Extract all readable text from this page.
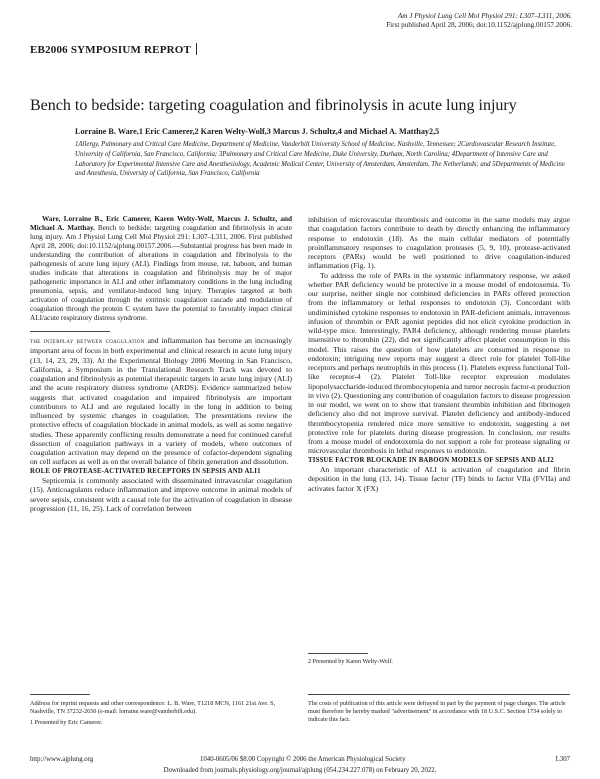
Am J Physiol Lung Cell Mol Physiol 291: L307–L311, 2006.
First published April 28, 2006; doi:10.1152/ajplung.00157.2006.
EB2006 SYMPOSIUM REPROT
Bench to bedside: targeting coagulation and fibrinolysis in acute lung injury
Lorraine B. Ware,1 Eric Camerer,2 Karen Welty-Wolf,3 Marcus J. Schultz,4 and Michael A. Matthay2,5
1Allergy, Pulmonary and Critical Care Medicine, Department of Medicine, Vanderbilt University School of Medicine, Nashville, Tennessee; 2Cardiovascular Research Institute, University of California, San Francisco, California; 3Pulmonary and Critical Care Medicine, Duke University, Durham, North Carolina; 4Department of Intensive Care and Laboratory for Experimental Intensive Care and Anesthesiology, Academic Medical Center, University of Amsterdam, Amsterdam, The Netherlands; and 5Departments of Medicine and Anesthesia, University of California, San Francisco, California

Ware, Lorraine B., Eric Camerer, Karen Welty-Wolf, Marcus J. Schultz, and Michael A. Matthay. Bench to bedside: targeting coagulation and fibrinolysis in acute lung injury. Am J Physiol Lung Cell Mol Physiol 291: L307–L311, 2006. First published April 28, 2006; doi:10.1152/ajplung.00157.2006.—Substantial progress has been made in understanding the contribution of alterations in coagulation and fibrinolysis to the pathogenesis of acute lung injury (ALI). Findings from mouse, rat, baboon, and human studies indicate that alterations in coagulation and fibrinolysis may be of major pathogenetic importance in ALI and other inflammatory conditions in the lung including pneumonia, sepsis, and ventilator-induced lung injury. Therapies targeted at both activation of coagulation through the extrinsic coagulation cascade and modulation of coagulation through the protein C system have the potential to favorably impact clinical ALI/acute respiratory distress syndrome.

the interplay between coagulation and inflammation has become an increasingly important area of focus in both experimental and clinical research in acute lung injury (13, 14, 23, 29, 33). At the Experimental Biology 2006 Meeting in San Francisco, California, a Symposium in the Translational Research Track was devoted to coagulation and fibrinolysis as potential therapeutic targets in acute lung injury (ALI) and the acute respiratory distress syndrome (ARDS). Evidence summarized below suggests that activated coagulation and impaired fibrinolysis are important contributors to ALI and are regulated locally in the lung in addition to being influenced by systemic changes in coagulation. The presentations review the protective effects of coagulation blockade in animal models, as well as some negative studies. These apparently conflicting results demonstrate a need for continued careful dissection of coagulation pathways in a variety of models, where outcomes of coagulation activation may depend on the presence of cofactor-dependent signaling on cell surfaces as well as on the overall balance of fibrin generation and dissolution.

ROLE OF PROTEASE-ACTIVATED RECEPTORS IN SEPSIS AND ALI1

Septicemia is commonly associated with disseminated intravascular coagulation (15). Anticoagulants reduce inflammation and improve outcome in animal models of severe sepsis, consistent with a causal role for the activation of coagulation in disease progression (11, 16, 25). Lack of correlation between

inhibition of microvascular thrombosis and outcome in the same models may argue that coagulation factors contribute to death by directly enhancing the inflammatory response to endotoxin (18). As the main cellular mediators of potentially proinflammatory responses to coagulation proteases (5, 9, 10), protease-activated receptors (PARs) would be well positioned to drive coagulation-induced inflammation (Fig. 1).

To address the role of PARs in the systemic inflammatory response, we asked whether PAR deficiency would be protective in a mouse model of endotoxemia. To our surprise, neither single nor combined deficiencies in PARs offered protection from the inflammatory or lethal responses to endotoxin (3). Concordant with undiminished cytokine responses to endotoxin in PAR-deficient animals, intravenous infusion of thrombin or PAR agonist peptides did not elicit cytokine production in wild-type mice. Interestingly, PAR4 deficiency, although rendering mouse platelets insensitive to thrombin (22), did not significantly affect platelet consumption in this model. This raises the question of how platelets are consumed in response to endotoxin; intriguing new reports may suggest a direct role for platelet Toll-like receptors and perhaps neutrophils in this process (1). Platelets express functional Toll-like receptor-4 (2). Platelet Toll-like receptor expression modulates lipopolysaccharide-induced thrombocytopenia and tumor necrosis factor-α production in vivo (2). Questioning any contribution of coagulation factors to disease progression in our model, we went on to show that transient thrombin inhibition and fibrinogen deficiency also did not improve survival. Platelet deficiency and antibody-induced thrombocytopenia rendered mice more sensitive to endotoxin, suggesting a net protective role for platelets during disease progression. In conclusion, our results from a mouse model of endotoxemia do not support a role for protease signaling or microvascular thrombosis in lethal responses to endotoxin.

TISSUE FACTOR BLOCKADE IN BABOON MODELS OF SEPSIS AND ALI2

An important characteristic of ALI is activation of coagulation and fibrin deposition in the lung (13, 14). Tissue factor (TF) binds to factor VIIa (FVIIa) and activates factor X (FX)

Address for reprint requests and other correspondence: L. B. Ware, T1218 MCN, 1161 21st Ave. S, Nashville, TN 37232-2650 (e-mail: lorraine.ware@vanderbilt.edu).

1 Presented by Eric Camerer.

2 Presented by Karen Welty-Wolf.
The costs of publication of this article were defrayed in part by the payment of page charges. The article must therefore be hereby marked "advertisement" in accordance with 18 U.S.C. Section 1734 solely to indicate this fact.
http://www.ajplung.org	1040-0605/06 $8.00 Copyright © 2006 the American Physiological Society	L307
Downloaded from journals.physiology.org/journal/ajplung (054.234.227.078) on February 20, 2022.
